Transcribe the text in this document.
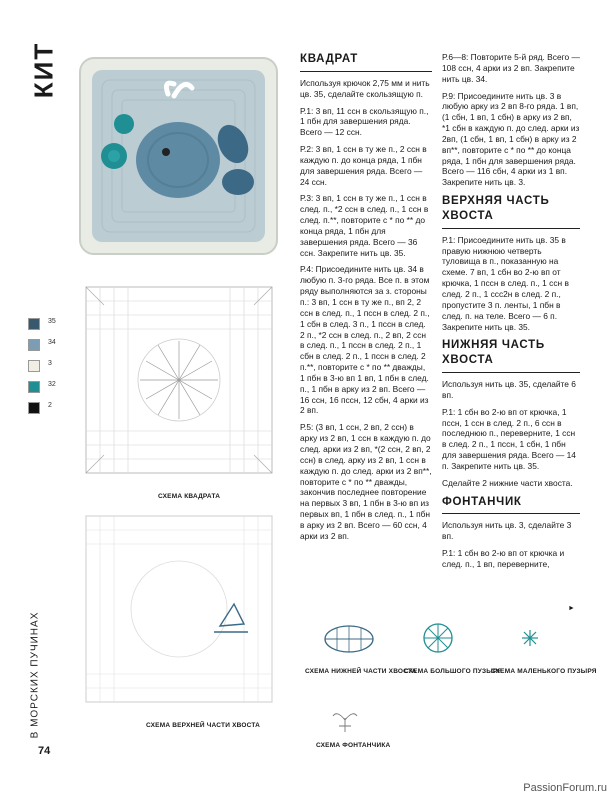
КИТ
В МОРСКИХ ПУЧИНАХ
74
PassionForum.ru
35
34
3
32
2
СХЕМА КВАДРАТА
СХЕМА ВЕРХНЕЙ ЧАСТИ ХВОСТА
КВАДРАТ

Используя крючок 2,75 мм и нить цв. 35, сделайте скользящую п.

Р.1: 3 вп, 11 ссн в скользящую п., 1 пбн для завершения ряда. Всего — 12 ссн.

Р.2: 3 вп, 1 ссн в ту же п., 2 ссн в каждую п. до конца ряда, 1 пбн для завершения ряда. Всего — 24 ссн.

Р.3: 3 вп, 1 ссн в ту же п., 1 ссн в след. п., *2 ссн в след. п., 1 ссн в след. п.**, повторите с * по ** до конца ряда, 1 пбн для завершения ряда. Всего — 36 ссн. Закрепите нить цв. 35.

Р.4: Присоедините нить цв. 34 в любую п. 3-го ряда. Все п. в этом ряду выполняются за з. стороны п.: 3 вп, 1 ссн в ту же п., вп 2, 2 ссн в след. п., 1 пссн в след. 2 п., 1 сбн в след. 3 п., 1 пссн в след. 2 п., *2 ссн в след. п., 2 вп, 2 ссн в след. п., 1 пссн в след. 2 п., 1 сбн в след. 2 п., 1 пссн в след. 2 п.**, повторите с * по ** дважды, 1 пбн в 3-ю вп 1 вп, 1 пбн в след. п., 1 пбн в арку из 2 вп. Всего — 16 ссн, 16 пссн, 12 сбн, 4 арки из 2 вп.

Р.5: (3 вп, 1 ссн, 2 вп, 2 ссн) в арку из 2 вп, 1 ссн в каждую п. до след. арки из 2 вп, *(2 ссн, 2 вп, 2 ссн) в след. арку из 2 вп, 1 ссн в каждую п. до след. арки из 2 вп**, повторите с * по ** дважды, закончив последнее повторение на первых 3 вп, 1 пбн в 3-ю вп из первых вп, 1 пбн в след. п., 1 пбн в арку из 2 вп. Всего — 60 ссн, 4 арки из 2 вп.

Р.6—8: Повторите 5-й ряд. Всего — 108 ссн, 4 арки из 2 вп. Закрепите нить цв. 34.

Р.9: Присоедините нить цв. 3 в любую арку из 2 вп 8-го ряда. 1 вп, (1 сбн, 1 вп, 1 сбн) в арку из 2 вп, *1 сбн в каждую п. до след. арки из 2вп, (1 сбн, 1 вп, 1 сбн) в арку из 2 вп**, повторите с * по ** до конца ряда, 1 пбн для завершения ряда. Всего — 116 сбн, 4 арки из 1 вп. Закрепите нить цв. 3.

ВЕРХНЯЯ ЧАСТЬ ХВОСТА

Р.1: Присоедините нить цв. 35 в правую нижнюю четверть туловища в п., показанную на схеме. 7 вп, 1 сбн во 2-ю вп от крючка, 1 пссн в след. п., 1 ссн в след. 2 п., 1 ссс2н в след. 2 п., пропустите 3 п. ленты, 1 пбн в след. п. на теле. Всего — 6 п. Закрепите нить цв. 35.

НИЖНЯЯ ЧАСТЬ ХВОСТА

Используя нить цв. 35, сделайте 6 вп.

Р.1: 1 сбн во 2-ю вп от крючка, 1 пссн, 1 ссн в след. 2 п., 6 ссн в последнюю п., переверните, 1 ссн в след. 2 п., 1 пссн, 1 сбн, 1 пбн для завершения ряда. Всего — 14 п. Закрепите нить цв. 35.

Сделайте 2 нижние части хвоста.

ФОНТАНЧИК

Используя нить цв. 3, сделайте 3 вп.

Р.1: 1 сбн во 2-ю вп от крючка и след. п., 1 вп, переверните,

►
СХЕМА НИЖНЕЙ ЧАСТИ ХВОСТА
СХЕМА БОЛЬШОГО ПУЗЫРЯ
СХЕМА МАЛЕНЬКОГО ПУЗЫРЯ
СХЕМА ФОНТАНЧИКА
